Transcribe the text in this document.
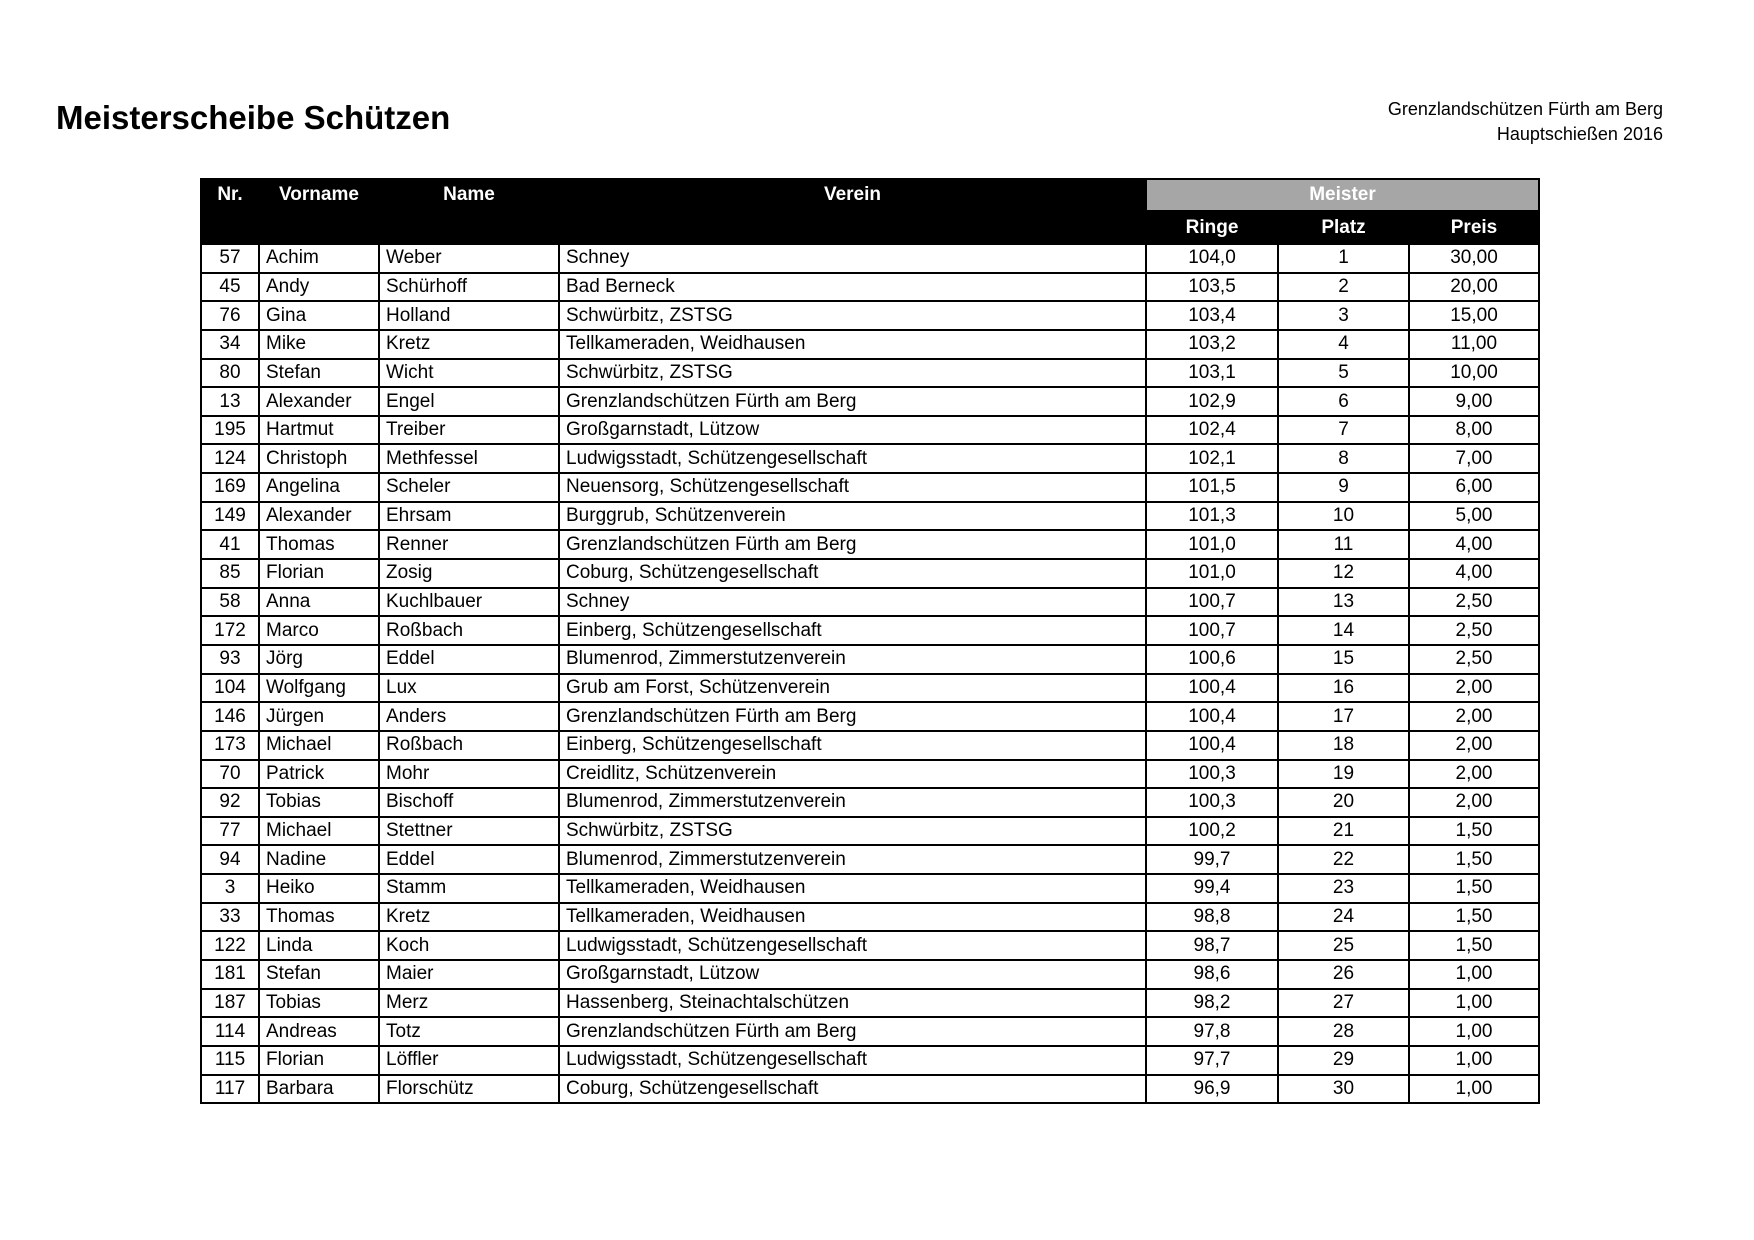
Meisterscheibe Schützen	Grenzlandschützen Fürth am Berg
Hauptschießen 2016
Nr.	Vorname	Name	Verein	Meister		
				Ringe	Platz	Preis
57	Achim	Weber	Schney	104,0	1	30,00
45	Andy	Schürhoff	Bad Berneck	103,5	2	20,00
76	Gina	Holland	Schwürbitz, ZSTSG	103,4	3	15,00
34	Mike	Kretz	Tellkameraden, Weidhausen	103,2	4	11,00
80	Stefan	Wicht	Schwürbitz, ZSTSG	103,1	5	10,00
13	Alexander	Engel	Grenzlandschützen Fürth am Berg	102,9	6	9,00
195	Hartmut	Treiber	Großgarnstadt, Lützow	102,4	7	8,00
124	Christoph	Methfessel	Ludwigsstadt, Schützengesellschaft	102,1	8	7,00
169	Angelina	Scheler	Neuensorg, Schützengesellschaft	101,5	9	6,00
149	Alexander	Ehrsam	Burggrub, Schützenverein	101,3	10	5,00
41	Thomas	Renner	Grenzlandschützen Fürth am Berg	101,0	11	4,00
85	Florian	Zosig	Coburg, Schützengesellschaft	101,0	12	4,00
58	Anna	Kuchlbauer	Schney	100,7	13	2,50
172	Marco	Roßbach	Einberg, Schützengesellschaft	100,7	14	2,50
93	Jörg	Eddel	Blumenrod, Zimmerstutzenverein	100,6	15	2,50
104	Wolfgang	Lux	Grub am Forst, Schützenverein	100,4	16	2,00
146	Jürgen	Anders	Grenzlandschützen Fürth am Berg	100,4	17	2,00
173	Michael	Roßbach	Einberg, Schützengesellschaft	100,4	18	2,00
70	Patrick	Mohr	Creidlitz, Schützenverein	100,3	19	2,00
92	Tobias	Bischoff	Blumenrod, Zimmerstutzenverein	100,3	20	2,00
77	Michael	Stettner	Schwürbitz, ZSTSG	100,2	21	1,50
94	Nadine	Eddel	Blumenrod, Zimmerstutzenverein	99,7	22	1,50
3	Heiko	Stamm	Tellkameraden, Weidhausen	99,4	23	1,50
33	Thomas	Kretz	Tellkameraden, Weidhausen	98,8	24	1,50
122	Linda	Koch	Ludwigsstadt, Schützengesellschaft	98,7	25	1,50
181	Stefan	Maier	Großgarnstadt, Lützow	98,6	26	1,00
187	Tobias	Merz	Hassenberg, Steinachtalschützen	98,2	27	1,00
114	Andreas	Totz	Grenzlandschützen Fürth am Berg	97,8	28	1,00
115	Florian	Löffler	Ludwigsstadt, Schützengesellschaft	97,7	29	1,00
117	Barbara	Florschütz	Coburg, Schützengesellschaft	96,9	30	1,00
